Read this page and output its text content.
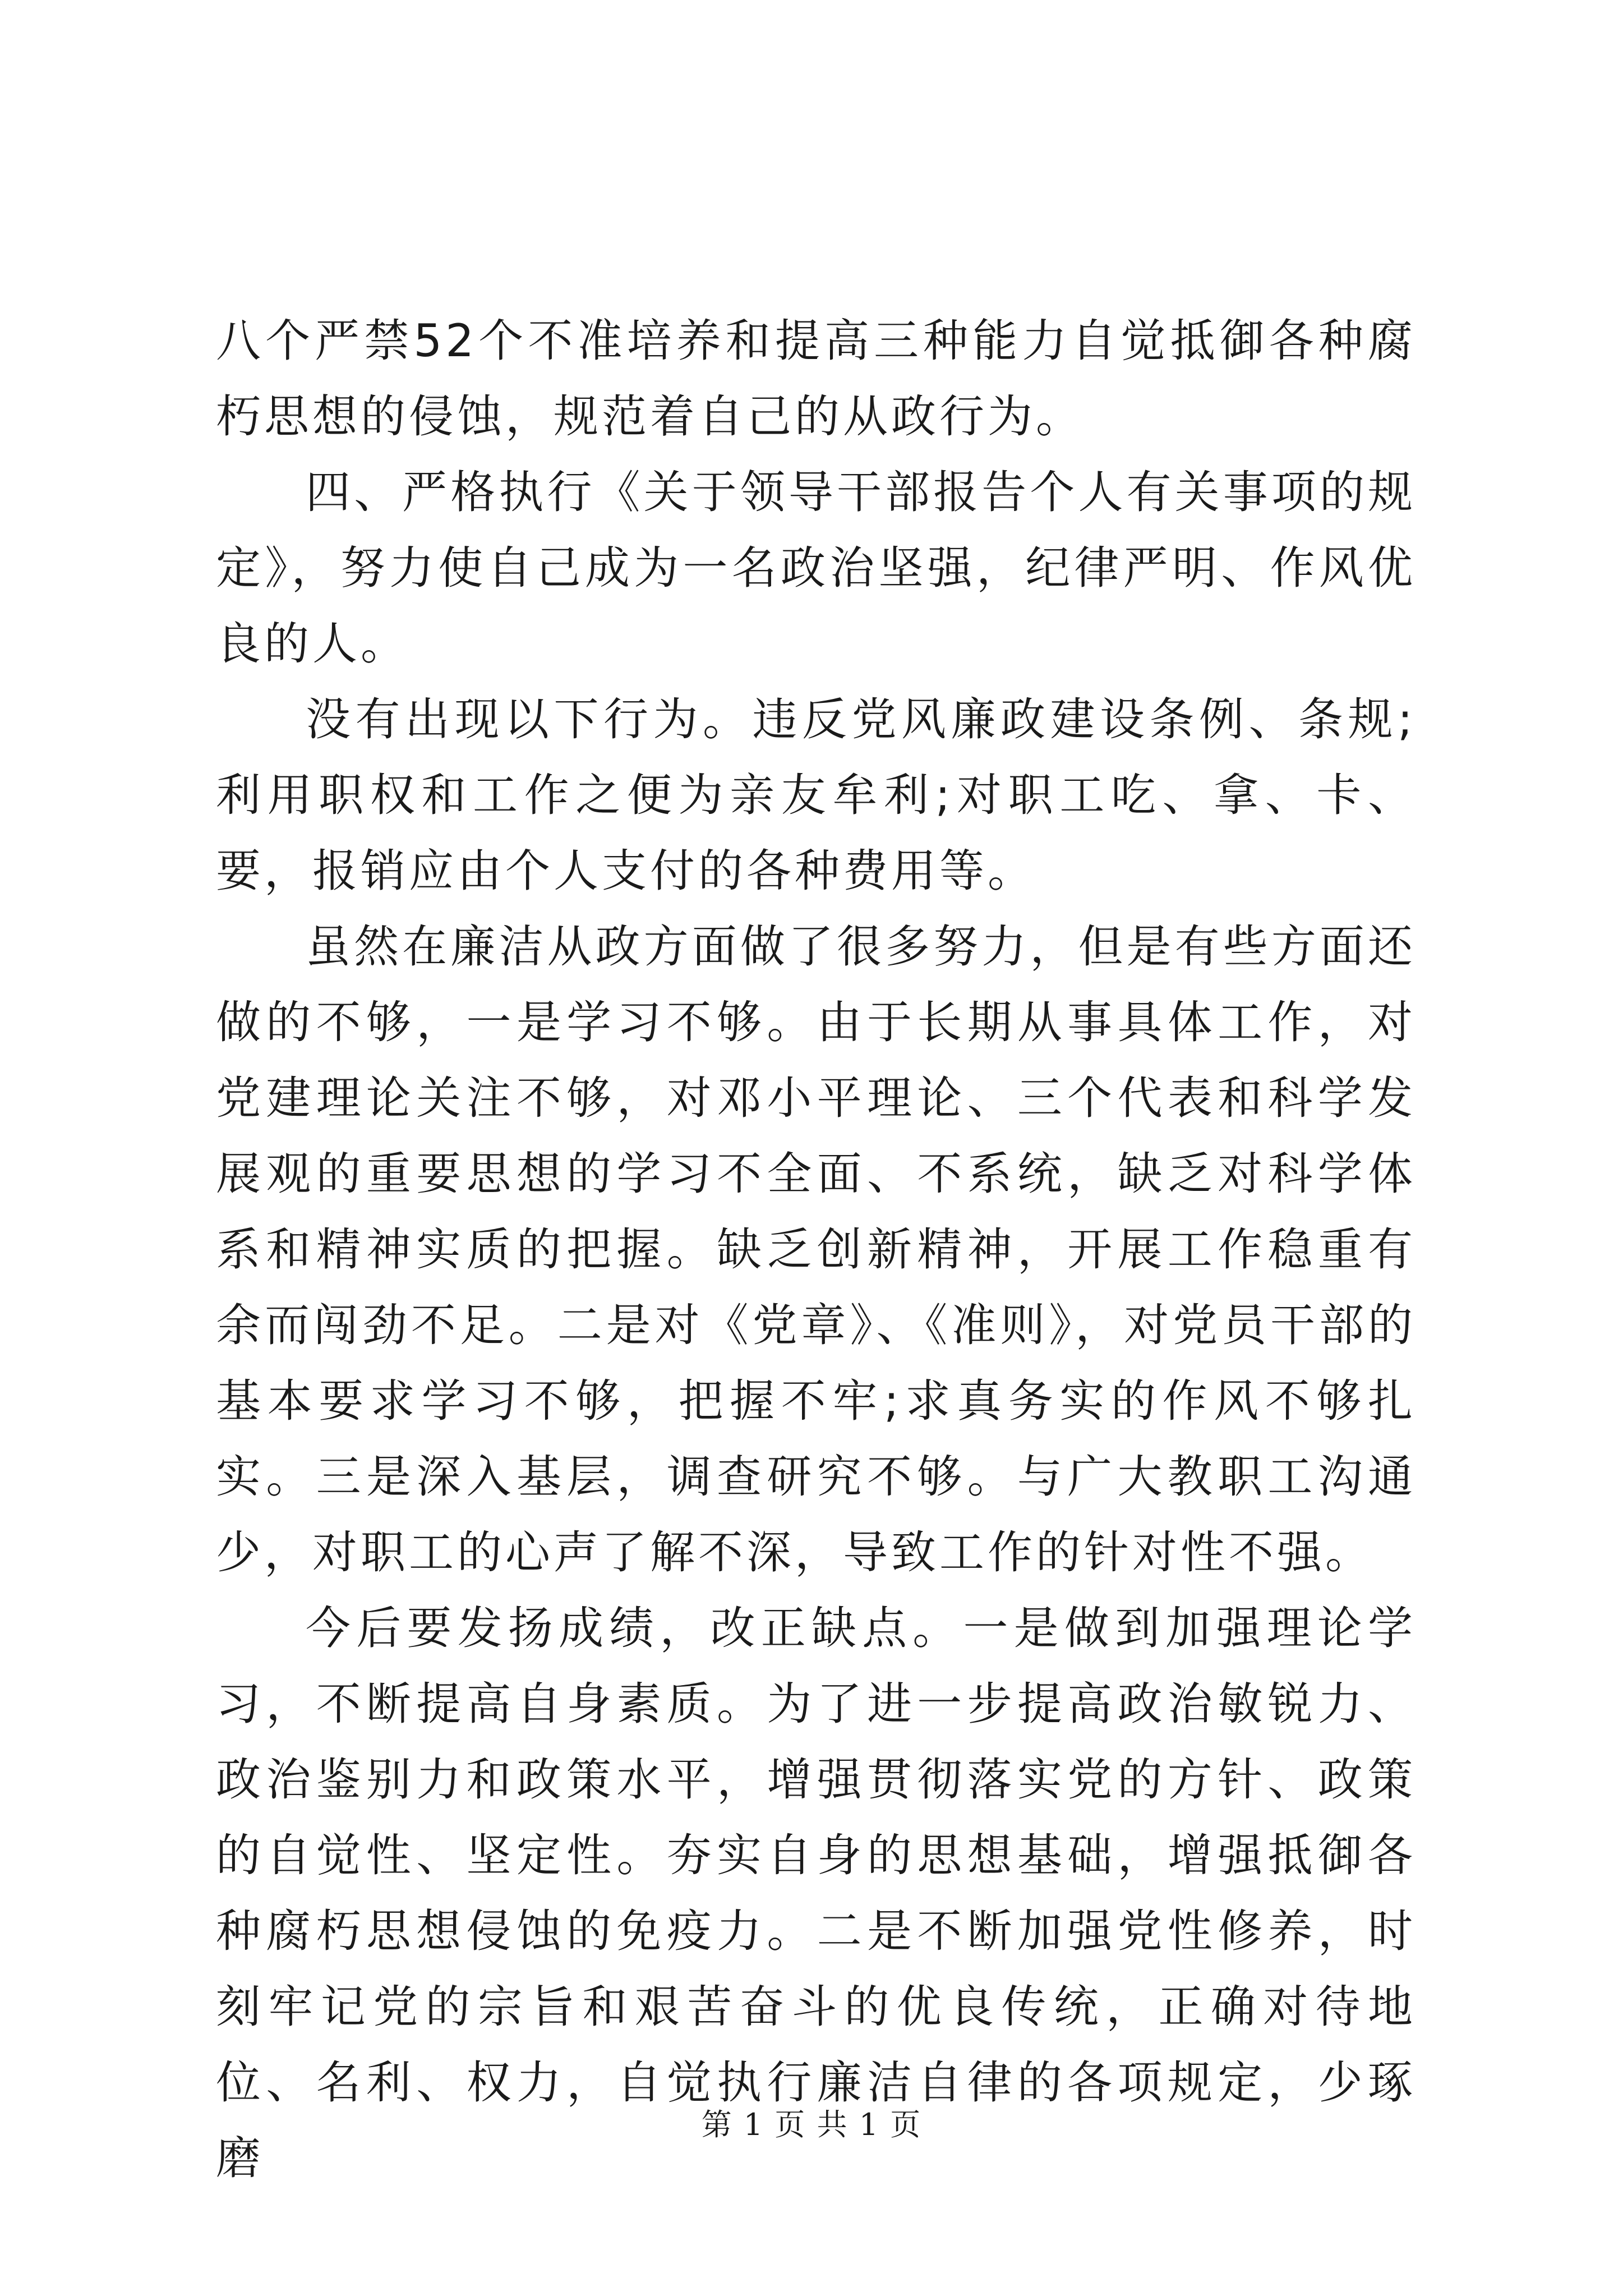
八个严禁52个不准培养和提高三种能力自觉抵御各种腐朽思想的侵蚀，规范着自己的从政行为。

四、严格执行《关于领导干部报告个人有关事项的规定》，努力使自己成为一名政治坚强，纪律严明、作风优良的人。

没有出现以下行为。违反党风廉政建设条例、条规;利用职权和工作之便为亲友牟利;对职工吃、拿、卡、要，报销应由个人支付的各种费用等。

虽然在廉洁从政方面做了很多努力，但是有些方面还做的不够，一是学习不够。由于长期从事具体工作，对党建理论关注不够，对邓小平理论、三个代表和科学发展观的重要思想的学习不全面、不系统，缺乏对科学体系和精神实质的把握。缺乏创新精神，开展工作稳重有余而闯劲不足。二是对《党章》、《准则》，对党员干部的基本要求学习不够，把握不牢;求真务实的作风不够扎实。三是深入基层，调查研究不够。与广大教职工沟通少，对职工的心声了解不深，导致工作的针对性不强。

今后要发扬成绩，改正缺点。一是做到加强理论学习，不断提高自身素质。为了进一步提高政治敏锐力、政治鉴别力和政策水平，增强贯彻落实党的方针、政策的自觉性、坚定性。夯实自身的思想基础，增强抵御各种腐朽思想侵蚀的免疫力。二是不断加强党性修养，时刻牢记党的宗旨和艰苦奋斗的优良传统，正确对待地位、名利、权力，自觉执行廉洁自律的各项规定，少琢磨

第 1 页 共 1 页
